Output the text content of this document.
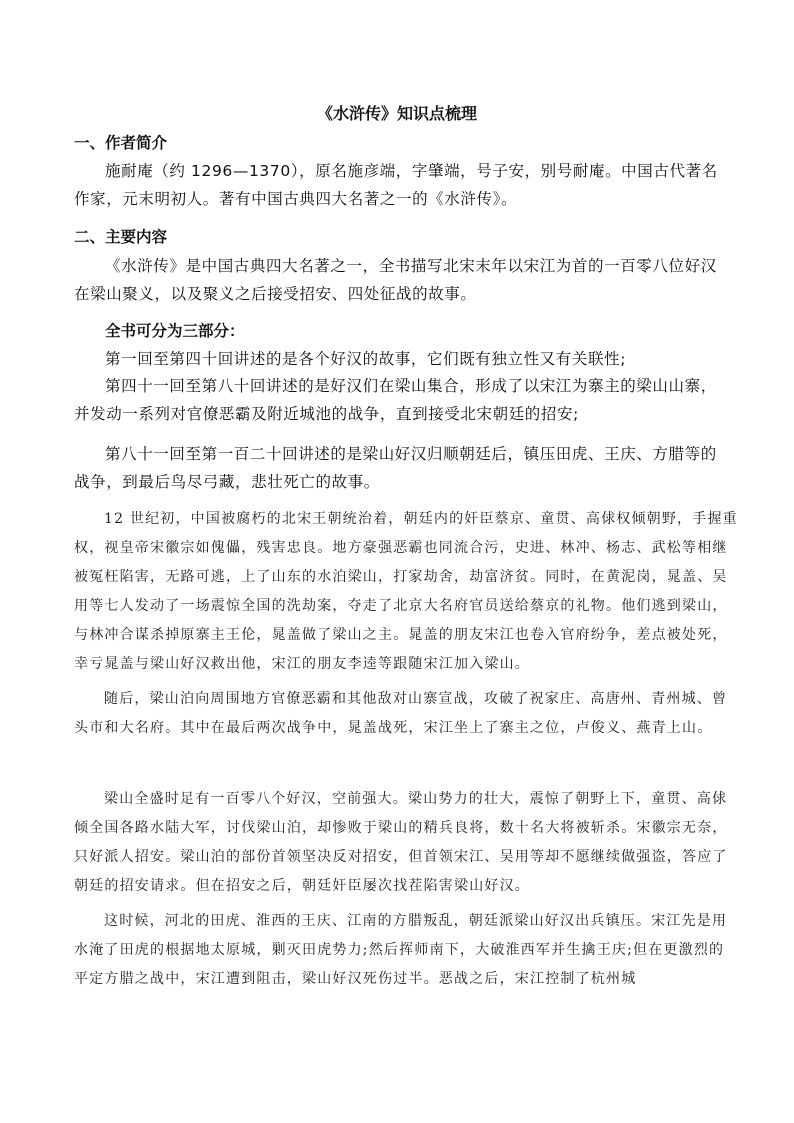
《水浒传》知识点梳理
一、作者简介
施耐庵（约 1296—1370），原名施彦端，字肇端，号子安，别号耐庵。中国古代著名作家，元末明初人。著有中国古典四大名著之一的《水浒传》。
二、主要内容
《水浒传》是中国古典四大名著之一，全书描写北宋末年以宋江为首的一百零八位好汉在梁山聚义，以及聚义之后接受招安、四处征战的故事。
全书可分为三部分：
第一回至第四十回讲述的是各个好汉的故事，它们既有独立性又有关联性;
第四十一回至第八十回讲述的是好汉们在梁山集合，形成了以宋江为寨主的梁山山寨，并发动一系列对官僚恶霸及附近城池的战争，直到接受北宋朝廷的招安;
第八十一回至第一百二十回讲述的是梁山好汉归顺朝廷后，镇压田虎、王庆、方腊等的战争，到最后鸟尽弓藏，悲壮死亡的故事。
12 世纪初，中国被腐朽的北宋王朝统治着，朝廷内的奸臣蔡京、童贯、高俅权倾朝野，手握重权，视皇帝宋徽宗如傀儡，残害忠良。地方豪强恶霸也同流合污，史进、林冲、杨志、武松等相继被冤枉陷害，无路可逃，上了山东的水泊梁山，打家劫舍，劫富济贫。同时，在黄泥岗，晁盖、吴用等七人发动了一场震惊全国的洗劫案，夺走了北京大名府官员送给蔡京的礼物。他们逃到梁山，与林冲合谋杀掉原寨主王伦，晁盖做了梁山之主。晁盖的朋友宋江也卷入官府纷争，差点被处死，幸亏晁盖与梁山好汉救出他，宋江的朋友李逵等跟随宋江加入梁山。
随后，梁山泊向周围地方官僚恶霸和其他敌对山寨宣战，攻破了祝家庄、高唐州、青州城、曾头市和大名府。其中在最后两次战争中，晁盖战死，宋江坐上了寨主之位，卢俊义、燕青上山。
梁山全盛时足有一百零八个好汉，空前强大。梁山势力的壮大，震惊了朝野上下，童贯、高俅倾全国各路水陆大军，讨伐梁山泊，却惨败于梁山的精兵良将，数十名大将被斩杀。宋徽宗无奈，只好派人招安。梁山泊的部份首领坚决反对招安，但首领宋江、吴用等却不愿继续做强盗，答应了朝廷的招安请求。但在招安之后，朝廷奸臣屡次找茬陷害梁山好汉。
这时候，河北的田虎、淮西的王庆、江南的方腊叛乱，朝廷派梁山好汉出兵镇压。宋江先是用水淹了田虎的根据地太原城，剿灭田虎势力;然后挥师南下，大破淮西军并生擒王庆;但在更激烈的平定方腊之战中，宋江遭到阻击，梁山好汉死伤过半。恶战之后，宋江控制了杭州城
